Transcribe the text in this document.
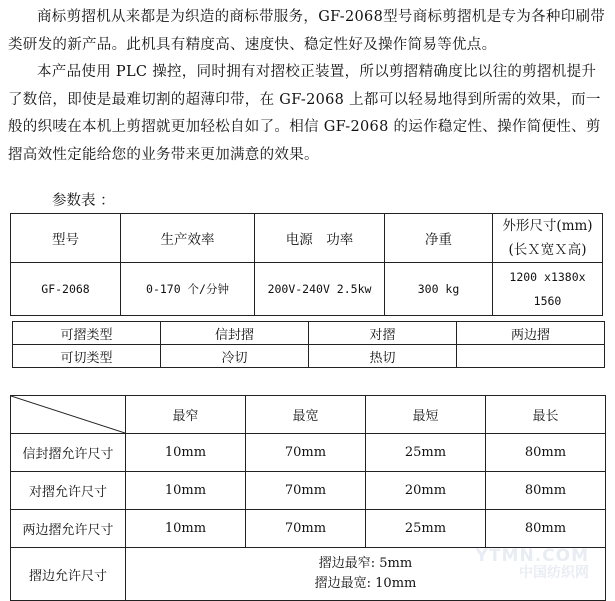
商标剪摺机从来都是为织造的商标带服务，GF-2068型号商标剪摺机是专为各种印刷带类研发的新产品。此机具有精度高、速度快、稳定性好及操作简易等优点。

本产品使用 PLC 操控，同时拥有对摺校正装置，所以剪摺精确度比以往的剪摺机提升了数倍，即使是最难切割的超薄印带，在 GF-2068 上都可以轻易地得到所需的效果，而一般的织唛在本机上剪摺就更加轻松自如了。相信 GF-2068 的运作稳定性、操作简便性、剪摺高效性定能给您的业务带来更加满意的效果。

参数表 ：
型号	生产效率	电源　功率	净重	外形尺寸(mm)
(长Ｘ宽Ｘ高)

GF-2068	0-170 个/分钟	200V-240V 2.5kw	300 kg	1200 x1380x
1560
可摺类型	信封摺	对摺	两边摺
可切类型	冷切	热切	
	最窄	最宽	最短	最长
信封摺允许尺寸	10mm	70mm	25mm	80mm
对摺允许尺寸	10mm	70mm	20mm	80mm
两边摺允许尺寸	10mm	70mm	25mm	80mm
摺边允许尺寸	摺边最窄: 5mm
摺边最宽: 10mm			
YTMN.COM
中国纺织网
